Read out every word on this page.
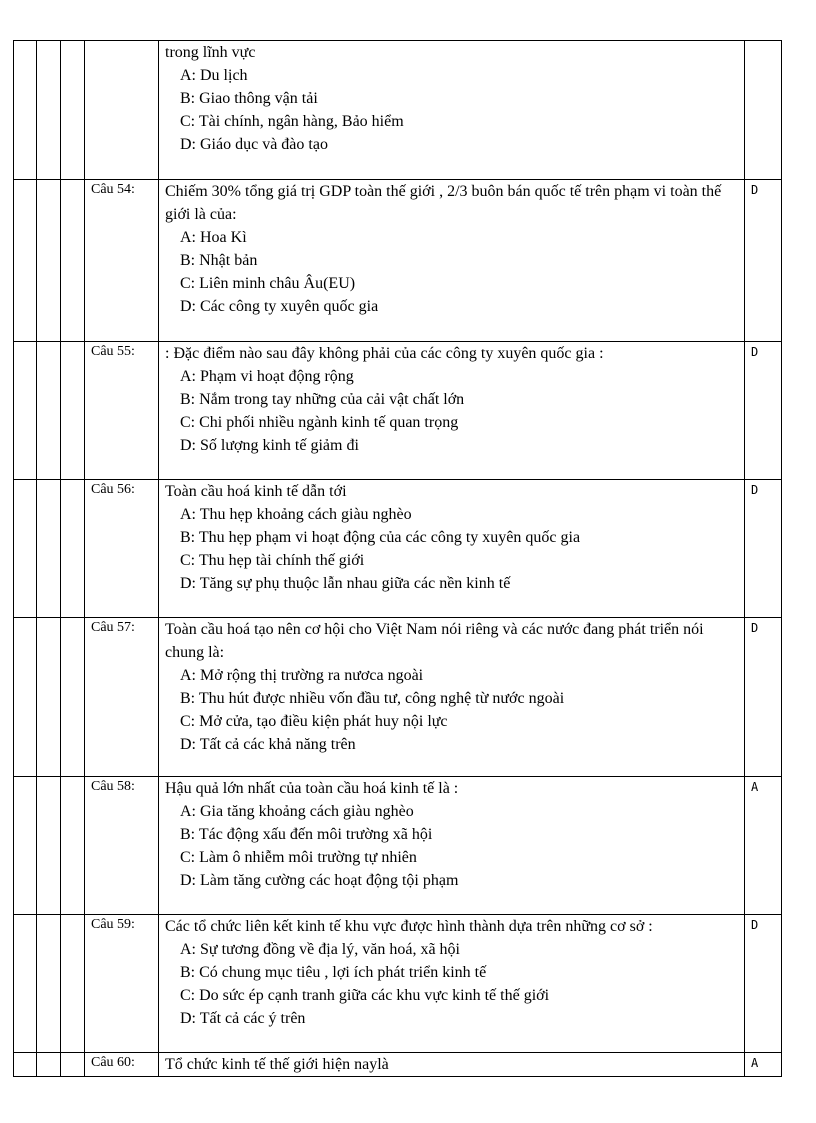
				trong lĩnh vực

A: Du lịch

B: Giao thông vận tải

C: Tài chính, ngân hàng, Bảo hiểm

D: Giáo dục và đào tạo	

			Câu 54:	Chiếm 30% tổng giá trị GDP toàn thế giới , 2/3 buôn bán quốc tế trên phạm vi toàn thế giới là của:

A: Hoa Kì

B: Nhật bản

C: Liên minh châu Âu(EU)

D: Các công ty xuyên quốc gia	D
			Câu 55:	: Đặc điểm nào sau đây không phải của các công ty xuyên quốc gia :

A: Phạm vi hoạt động rộng

B: Nắm trong tay những của cải vật chất lớn

C: Chi phối nhiều ngành kinh tế quan trọng

D: Số lượng kinh tế giảm đi	D
			Câu 56:	Toàn cầu hoá kinh tế dẫn tới

A: Thu hẹp khoảng cách giàu nghèo

B: Thu hẹp phạm vi hoạt động của các công ty xuyên quốc gia

C: Thu hẹp tài chính thế giới

D: Tăng sự phụ thuộc lẫn nhau giữa các nền kinh tế	D
			Câu 57:	Toàn cầu hoá tạo nên cơ hội cho Việt Nam nói riêng và các nước đang phát triển nói chung là:

A: Mở rộng thị trường ra nươca ngoài

B: Thu hút được nhiều vốn đầu tư, công nghệ từ nước ngoài

C: Mở cửa, tạo điều kiện phát huy nội lực

D: Tất cả các khả năng trên	D
			Câu 58:	Hậu quả lớn nhất của toàn cầu hoá kinh tế là :

A: Gia tăng khoảng cách giàu nghèo

B: Tác động xấu đến môi trường xã hội

C: Làm ô nhiễm môi trường tự nhiên

D: Làm tăng cường các hoạt động tội phạm	A
			Câu 59:	Các tổ chức liên kết kinh tế khu vực được hình thành dựa trên những cơ sở :

A: Sự tương đồng về địa lý, văn hoá, xã hội

B: Có chung mục tiêu , lợi ích phát triển kinh tế

C: Do sức ép cạnh tranh giữa các khu vực kinh tế thế giới

D: Tất cả các ý trên	D
			Câu 60:	Tổ chức kinh tế thế giới hiện naylà	A
